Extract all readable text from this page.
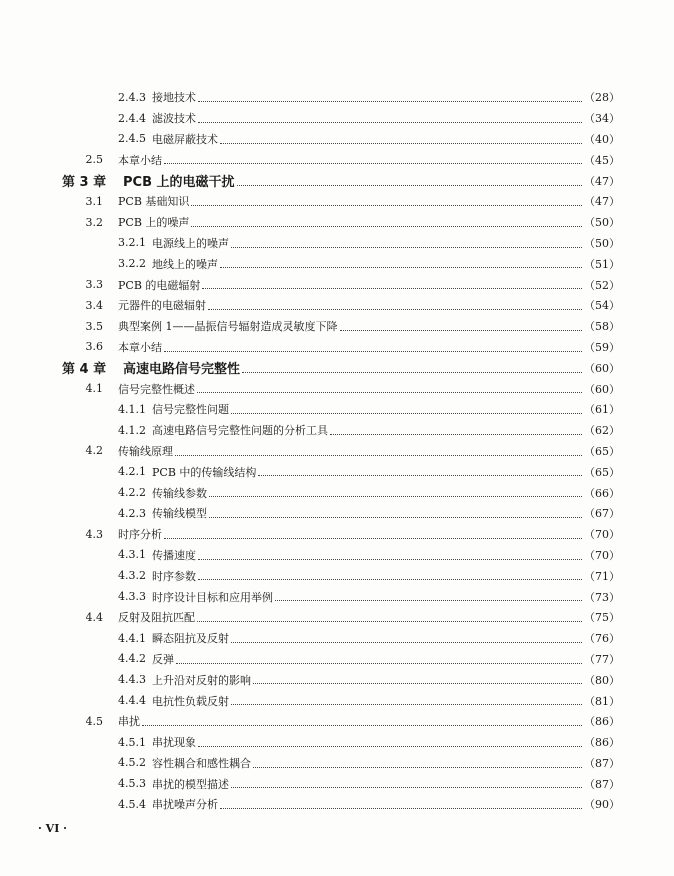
2.4.3 接地技术	（28）
2.4.4 滤波技术	（34）
2.4.5 电磁屏蔽技术	（40）
2.5 本章小结	（45）
第 3 章 PCB 上的电磁干扰	（47）
3.1 PCB 基础知识	（47）
3.2 PCB 上的噪声	（50）
3.2.1 电源线上的噪声	（50）
3.2.2 地线上的噪声	（51）
3.3 PCB 的电磁辐射	（52）
3.4 元器件的电磁辐射	（54）
3.5 典型案例 1——晶振信号辐射造成灵敏度下降	（58）
3.6 本章小结	（59）
第 4 章 高速电路信号完整性	（60）
4.1 信号完整性概述	（60）
4.1.1 信号完整性问题	（61）
4.1.2 高速电路信号完整性问题的分析工具	（62）
4.2 传输线原理	（65）
4.2.1 PCB 中的传输线结构	（65）
4.2.2 传输线参数	（66）
4.2.3 传输线模型	（67）
4.3 时序分析	（70）
4.3.1 传播速度	（70）
4.3.2 时序参数	（71）
4.3.3 时序设计目标和应用举例	（73）
4.4 反射及阻抗匹配	（75）
4.4.1 瞬态阻抗及反射	（76）
4.4.2 反弹	（77）
4.4.3 上升沿对反射的影响	（80）
4.4.4 电抗性负载反射	（81）
4.5 串扰	（86）
4.5.1 串扰现象	（86）
4.5.2 容性耦合和感性耦合	（87）
4.5.3 串扰的模型描述	（87）
4.5.4 串扰噪声分析	（90）
· VI ·
